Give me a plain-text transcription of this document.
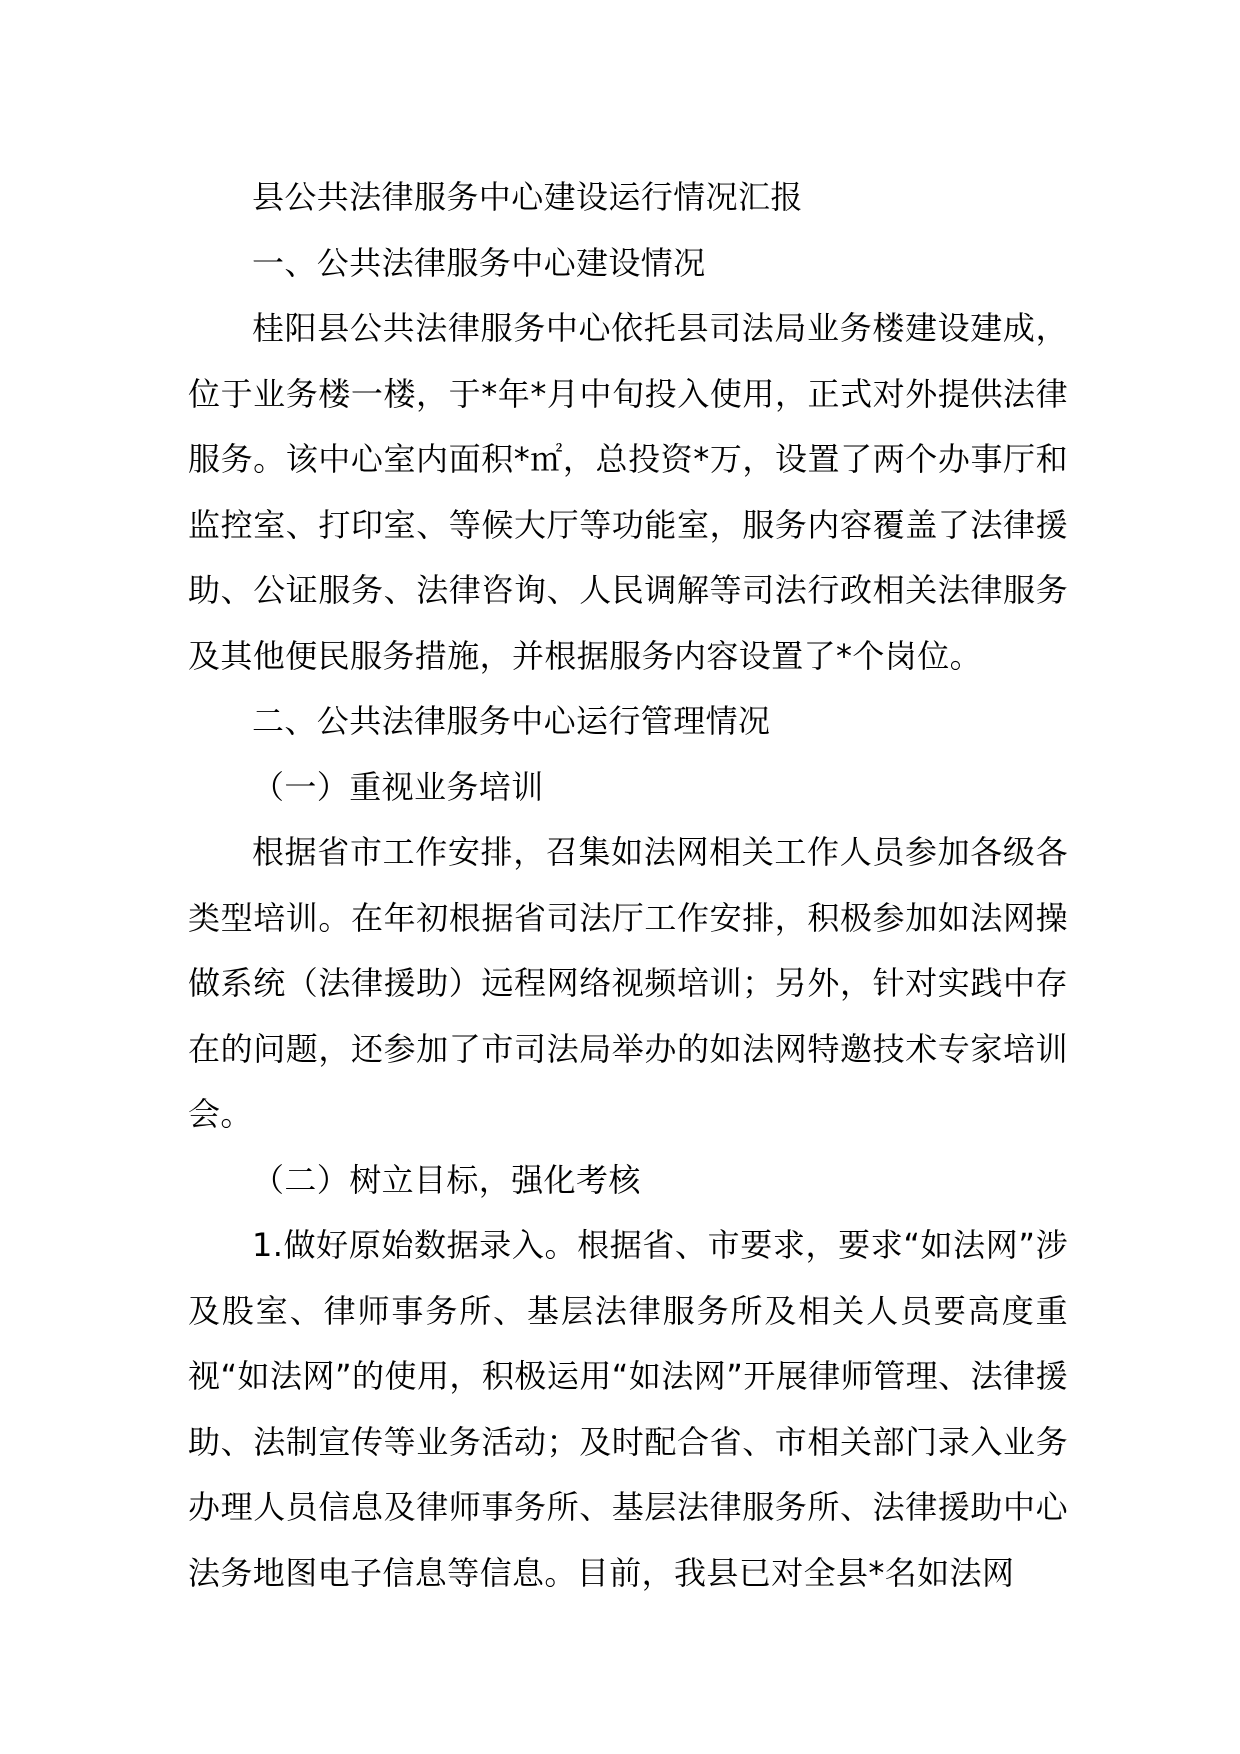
县公共法律服务中心建设运行情况汇报

一、公共法律服务中心建设情况

桂阳县公共法律服务中心依托县司法局业务楼建设建成，位于业务楼一楼，于*年*月中旬投入使用，正式对外提供法律服务。该中心室内面积*㎡，总投资*万，设置了两个办事厅和监控室、打印室、等候大厅等功能室，服务内容覆盖了法律援助、公证服务、法律咨询、人民调解等司法行政相关法律服务及其他便民服务措施，并根据服务内容设置了*个岗位。

二、公共法律服务中心运行管理情况

（一）重视业务培训

根据省市工作安排，召集如法网相关工作人员参加各级各类型培训。在年初根据省司法厅工作安排，积极参加如法网操做系统（法律援助）远程网络视频培训；另外，针对实践中存在的问题，还参加了市司法局举办的如法网特邀技术专家培训会。

（二）树立目标，强化考核

1.做好原始数据录入。根据省、市要求，要求“如法网”涉及股室、律师事务所、基层法律服务所及相关人员要高度重视“如法网”的使用，积极运用“如法网”开展律师管理、法律援助、法制宣传等业务活动；及时配合省、市相关部门录入业务办理人员信息及律师事务所、基层法律服务所、法律援助中心法务地图电子信息等信息。目前，我县已对全县*名如法网
